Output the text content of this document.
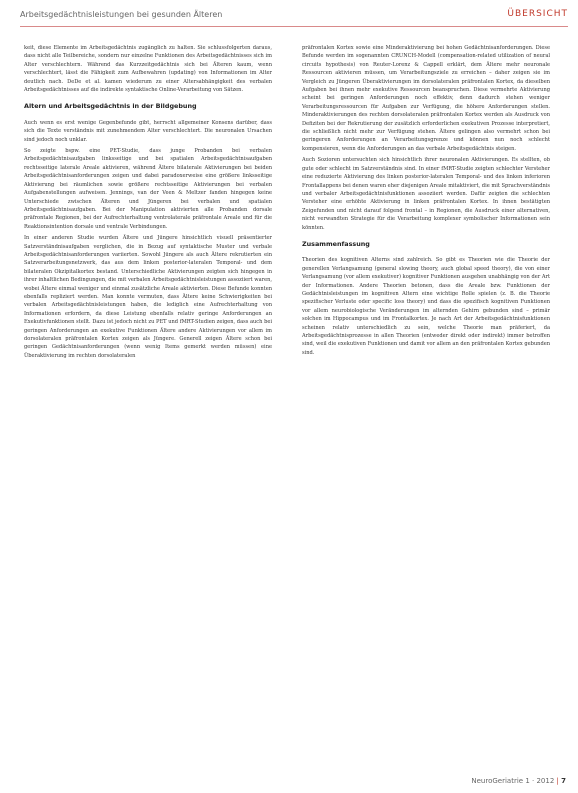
Arbeitsgedächtnisleistungen bei gesunden Älteren	ÜBERSICHT

keit, diese Elemente im Arbeitsgedächtnis zugänglich zu halten. Sie schlussfolgerten daraus, dass nicht alle Teilbereiche, sondern nur einzelne Funktionen des Arbeitsgedächtnisses sich im Alter verschlechtern. Während das Kurzzeitgedächtnis sich bei Älteren kaum, wenn verschlechtert, lässt die Fähigkeit zum Aufbewahren (updating) von Informationen im Alter deutlich nach. DeDe et al. kamen wiederum zu einer Altersabhängigkeit des verbalen Arbeitsgedächtnisses auf die indirekte syntaktische Online-Verarbeitung von Sätzen.

Altern und Arbeitsgedächtnis in der Bildgebung

Auch wenn es erst wenige Gegenbefunde gibt, herrscht allgemeiner Konsens darüber, dass sich die Texte verständnis mit zunehmendem Alter verschlechtert. Die neuronalen Ursachen sind jedoch noch unklar.

So zeigte bspw. eine PET-Studie, dass junge Probanden bei verbalen Arbeitsgedächtnisaufgaben linksseitige und bei spatialen Arbeitsgedächtnisaufgaben rechtsseitige laterale Areale aktivieren, während Ältere bilaterale Aktivierungen bei beiden Arbeitsgedächtnisanforderungen zeigen und dabei paradoxerweise eine größere linksseitige Aktivierung bei räumlichen sowie größere rechtsseitige Aktivierungen bei verbalen Aufgabenstellungen aufweisen. Jennings, van der Veen & Meltzer fanden hingegen keine Unterschiede zwischen Älteren und Jüngeren bei verbalen und spatialen Arbeitsgedächtnisaufgaben. Bei der Manipulation aktivierten alle Probanden dorsale präfrontale Regionen, bei der Aufrechterhaltung ventrolaterale präfrontale Areale und für die Reaktionsintention dorsale und ventrale Verbindungen.

In einer anderen Studie wurden Ältere und Jüngere hinsichtlich visuell präsentierter Satzverständnisaufgaben verglichen, die in Bezug auf syntaktische Muster und verbale Arbeitsgedächtnisanforderungen variierten. Sowohl Jüngere als auch Ältere rekrutierten ein Satzverarbeitungsnetzwerk, das aus dem linken posterior-lateralen Temporal- und dem bilateralen Okzipitalkortex bestand. Unterschiedliche Aktivierungen zeigten sich hingegen in ihrer inhaltlichen Bedingungen, die mit verbalen Arbeitsgedächtnisleistungen assoziiert waren, wobei Ältere einmal weniger und einmal zusätzliche Areale aktivierten. Diese Befunde konnten ebenfalls repliziert werden. Man konnte vermuten, dass Ältere keine Schwierigkeiten bei verbalen Arbeitsgedächtnisleistungen haben, die lediglich eine Aufrechterhaltung von Informationen erfordern, da diese Leistung ebenfalls relativ geringe Anforderungen an Exekutivfunktionen stellt. Dazu ist jedoch nicht zu PET und fMRT-Studien zeigen, dass auch bei geringen Anforderungen an exekutive Funktionen Ältere andere Aktivierungen vor allem im dorsolateralen präfrontalen Kortex zeigen als Jüngere. Generell zeigen Ältere schon bei geringen Gedächtnisanforderungen (wenn wenig Items gemerkt werden müssen) eine Überaktivierung im rechten dorsolateralen

präfrontalen Kortex sowie eine Minderaktivierung bei hohen Gedächtnisanforderungen. Diese Befunde werden im sogenannten CRUNCH-Modell (compensation-related utilization of neural circuits hypothesis) von Reuter-Lorenz & Cappell erklärt, dem Ältere mehr neuronale Ressourcen aktivieren müssen, um Verarbeitungsziele zu erreichen – daher zeigen sie im Vergleich zu Jüngeren Überaktivierungen im dorsolateralen präfrontalen Kortex, da dieselben Aufgaben bei ihnen mehr exekutive Ressourcen beanspruchen. Diese vermehrte Aktivierung scheint bei geringen Anforderungen noch effektiv, denn dadurch stehen weniger Verarbeitungsressourcen für Aufgaben zur Verfügung, die höhere Anforderungen stellen. Minderaktivierungen des rechten dorsolateralen präfrontalen Kortex werden als Ausdruck von Defiziten bei der Rekrutierung der zusätzlich erforderlichen exekutiven Prozesse interpretiert, die schließlich nicht mehr zur Verfügung stehen. Ältere gelingen also vermehrt schon bei geringeren Anforderungen an Verarbeitungsgrenze und können nun noch schlecht kompensieren, wenn die Anforderungen an das verbale Arbeitsgedächtnis steigen.

Auch Sozioren untersuchten sich hinsichtlich ihrer neuronalen Aktivierungen. Es stellten, ob gute oder schlecht im Satzverständnis sind. In einer fMRT-Studie zeigten schlechter Versteher eine reduzierte Aktivierung des linken posterior-lateralen Temporal- und des linken inferioren Frontallappens bei denen waren eher diejenigen Areale mitaktiviert, die mit Sprachverständnis und verbaler Arbeitsgedächtnisfunktionen assoziiert werden. Dafür zeigten die schlechten Versteher eine erhöhte Aktivierung in linken präfrontalen Kortex. In ihnen bestätigten Zeigefunden und nicht darauf folgend frontal – in Regionen, die Ausdruck einer alternativen, nicht verwandten Strategie für die Verarbeitung komplexer symbolischer Informationen sein könnten.

Zusammenfassung

Theorien des kognitiven Alterns sind zahlreich. So gibt es Theorien wie die Theorie der generellen Verlangsamung (general slowing theory, auch global speed theory), die von einer Verlangsamung (vor allem exekutiver) kognitiver Funktionen ausgehen unabhängig von der Art der Informationen. Andere Theorien betonen, dass die Areale bzw. Funktionen der Gedächtnisleistungen im kognitiven Altern eine wichtige Rolle spielen (z. B. die Theorie spezifischer Verluste oder specific loss theory) und dass die spezifisch kognitiven Funktionen vor allem neurobiologische Veränderungen im alternden Gehirn gebunden sind – primär solchen im Hippocampus und im Frontalkortex. Je nach Art der Arbeitsgedächtnisfunktionen scheinen relativ unterschiedlich zu sein, welche Theorie man präferiert, da Arbeitsgedächtnisprozesse in allen Theorien (entweder direkt oder indirekt) immer betroffen sind, weil die exekutiven Funktionen und damit vor allem an den präfrontalen Kortex gebunden sind.

NeuroGeriatrie 1 · 2012 | 7
